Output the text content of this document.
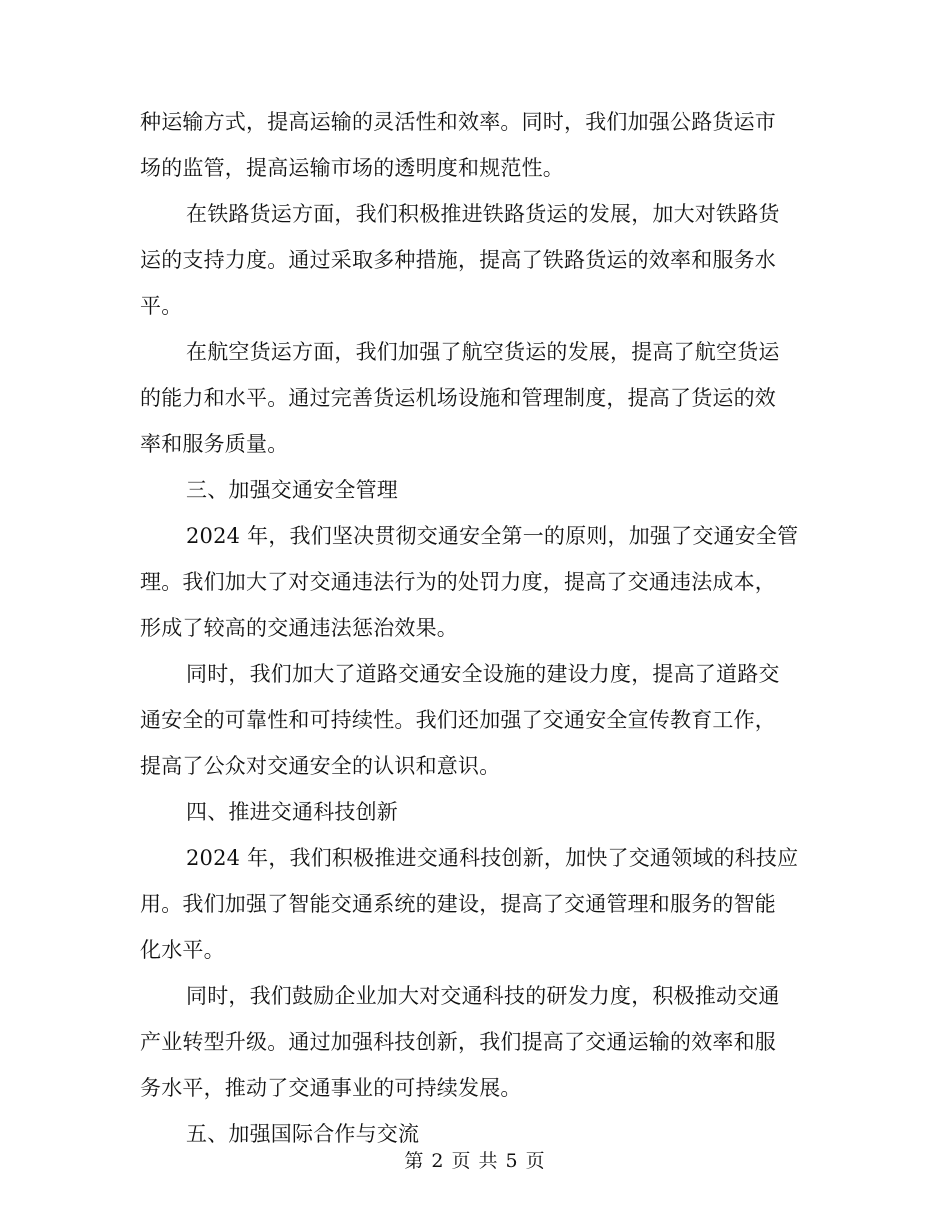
种运输方式，提高运输的灵活性和效率。同时，我们加强公路货运市
场的监管，提高运输市场的透明度和规范性。
在铁路货运方面，我们积极推进铁路货运的发展，加大对铁路货
运的支持力度。通过采取多种措施，提高了铁路货运的效率和服务水
平。
在航空货运方面，我们加强了航空货运的发展，提高了航空货运
的能力和水平。通过完善货运机场设施和管理制度，提高了货运的效
率和服务质量。
三、加强交通安全管理
2024 年，我们坚决贯彻交通安全第一的原则，加强了交通安全管
理。我们加大了对交通违法行为的处罚力度，提高了交通违法成本，
形成了较高的交通违法惩治效果。
同时，我们加大了道路交通安全设施的建设力度，提高了道路交
通安全的可靠性和可持续性。我们还加强了交通安全宣传教育工作，
提高了公众对交通安全的认识和意识。
四、推进交通科技创新
2024 年，我们积极推进交通科技创新，加快了交通领域的科技应
用。我们加强了智能交通系统的建设，提高了交通管理和服务的智能
化水平。
同时，我们鼓励企业加大对交通科技的研发力度，积极推动交通
产业转型升级。通过加强科技创新，我们提高了交通运输的效率和服
务水平，推动了交通事业的可持续发展。
五、加强国际合作与交流
第 2 页 共 5 页
